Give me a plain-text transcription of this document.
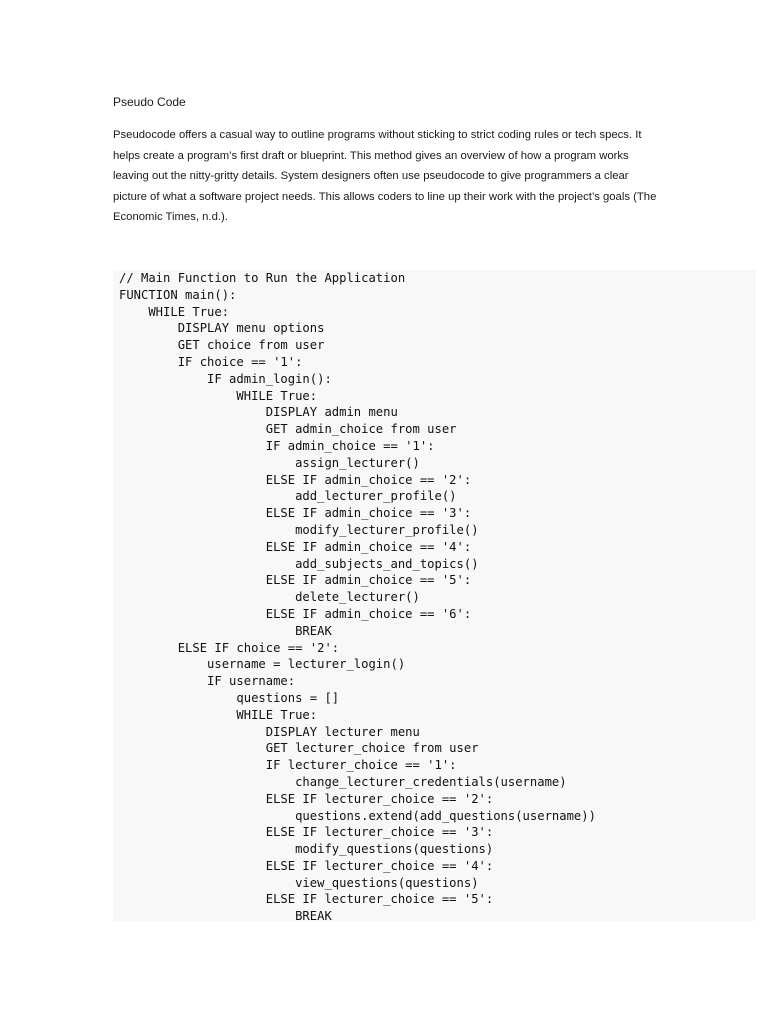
Pseudo Code

Pseudocode offers a casual way to outline programs without sticking to strict coding rules or tech specs. It helps create a program’s first draft or blueprint. This method gives an overview of how a program works leaving out the nitty-gritty details. System designers often use pseudocode to give programmers a clear picture of what a software project needs. This allows coders to line up their work with the project’s goals (The Economic Times, n.d.).

// Main Function to Run the Application
FUNCTION main():
WHILE True:
DISPLAY menu options
GET choice from user
IF choice == '1':
IF admin_login():
WHILE True:
DISPLAY admin menu
GET admin_choice from user
IF admin_choice == '1':
assign_lecturer()
ELSE IF admin_choice == '2':
add_lecturer_profile()
ELSE IF admin_choice == '3':
modify_lecturer_profile()
ELSE IF admin_choice == '4':
add_subjects_and_topics()
ELSE IF admin_choice == '5':
delete_lecturer()
ELSE IF admin_choice == '6':
BREAK
ELSE IF choice == '2':
username = lecturer_login()
IF username:
questions = []
WHILE True:
DISPLAY lecturer menu
GET lecturer_choice from user
IF lecturer_choice == '1':
change_lecturer_credentials(username)
ELSE IF lecturer_choice == '2':
questions.extend(add_questions(username))
ELSE IF lecturer_choice == '3':
modify_questions(questions)
ELSE IF lecturer_choice == '4':
view_questions(questions)
ELSE IF lecturer_choice == '5':
BREAK
